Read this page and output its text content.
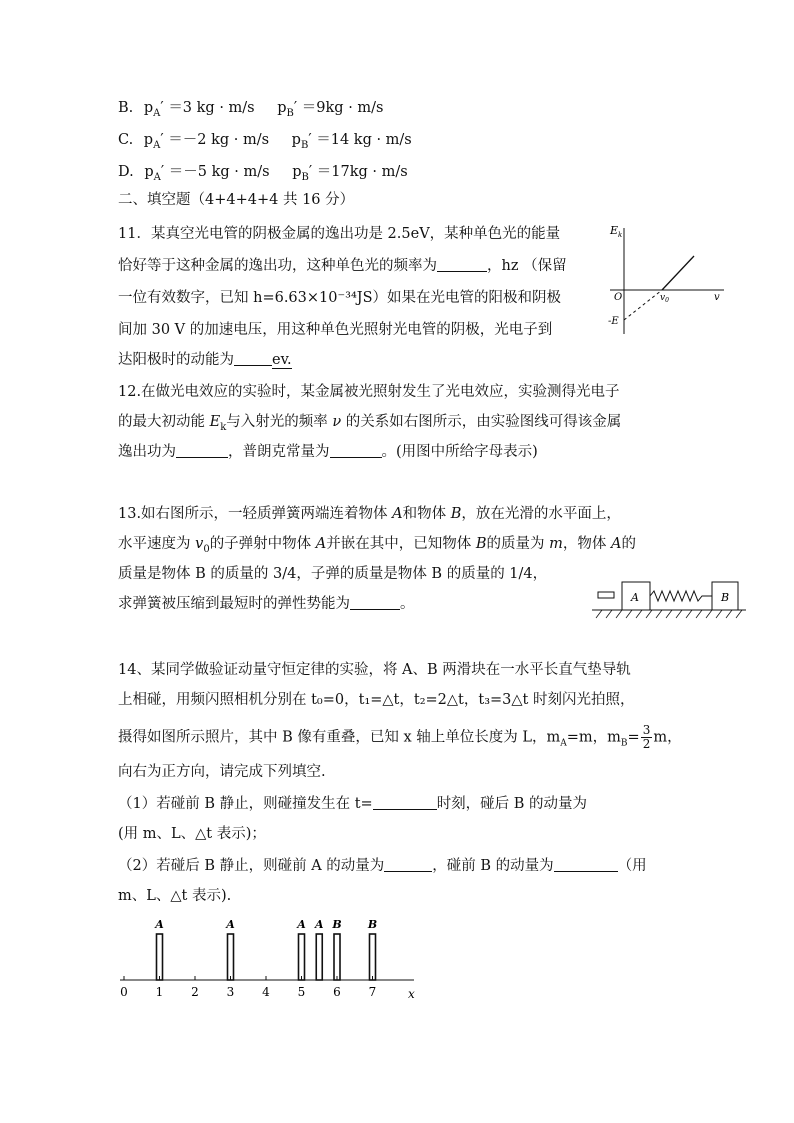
B. $p_A' =3$ kg · m/s $p_B' =9kg \cdot m/s$
C. $p_A' =-2$ kg · m/s $p_B' =14$ kg · m/s
D. $p_A' =-5$ kg · m/s $p_B' =17kg \cdot m/s$
二、填空题（4+4+4+4 共 16 分）
11．某真空光电管的阴极金属的逸出功是 2.5eV，某种单色光的能量
恰好等于这种金属的逸出功，这种单色光的频率为	，hz （保留
一位有效数字，已知 h=6.63×10⁻³⁴JS）如果在光电管的阳极和阴极
间加 30 V 的加速电压，用这种单色光照射光电管的阴极，光电子到
达阳极时的动能为	ev.
$E_k$
O	$v_0$	v
-E
12.在做光电效应的实验时，某金属被光照射发生了光电效应，实验测得光电子
的最大初动能 $E_k$与入射光的频率 ν 的关系如右图所示，由实验图线可得该金属
逸出功为	，普朗克常量为	。(用图中所给字母表示)
13.如右图所示，一轻质弹簧两端连着物体 A和物体 B，放在光滑的水平面上，
水平速度为 $v_0$的子弹射中物体 A并嵌在其中，已知物体 B的质量为 m，物体 A的
质量是物体 B 的质量的 3/4，子弹的质量是物体 B 的质量的 1/4，
求弹簧被压缩到最短时的弹性势能为	。	A	B
14、某同学做验证动量守恒定律的实验，将 A、B 两滑块在一水平长直气垫导轨
上相碰，用频闪照相机分别在 t₀=0，t₁=△t，t₂=2△t，t₃=3△t 时刻闪光拍照，
摄得如图所示照片，其中 B 像有重叠，已知 x 轴上单位长度为 L，$m_A=m$，$m_B= \frac{3}{2}$ m，
向右为正方向，请完成下列填空.
（1）若碰前 B 静止，则碰撞发生在 t=	时刻，碰后 B 的动量为
(用 m、L、△t 表示)；
（2）若碰后 B 静止，则碰前 A 的动量为	，碰前 B 的动量为	（用
m、L、△t 表示).
0 1 2 3 4 5 6 7
A	A	A A B B
x
